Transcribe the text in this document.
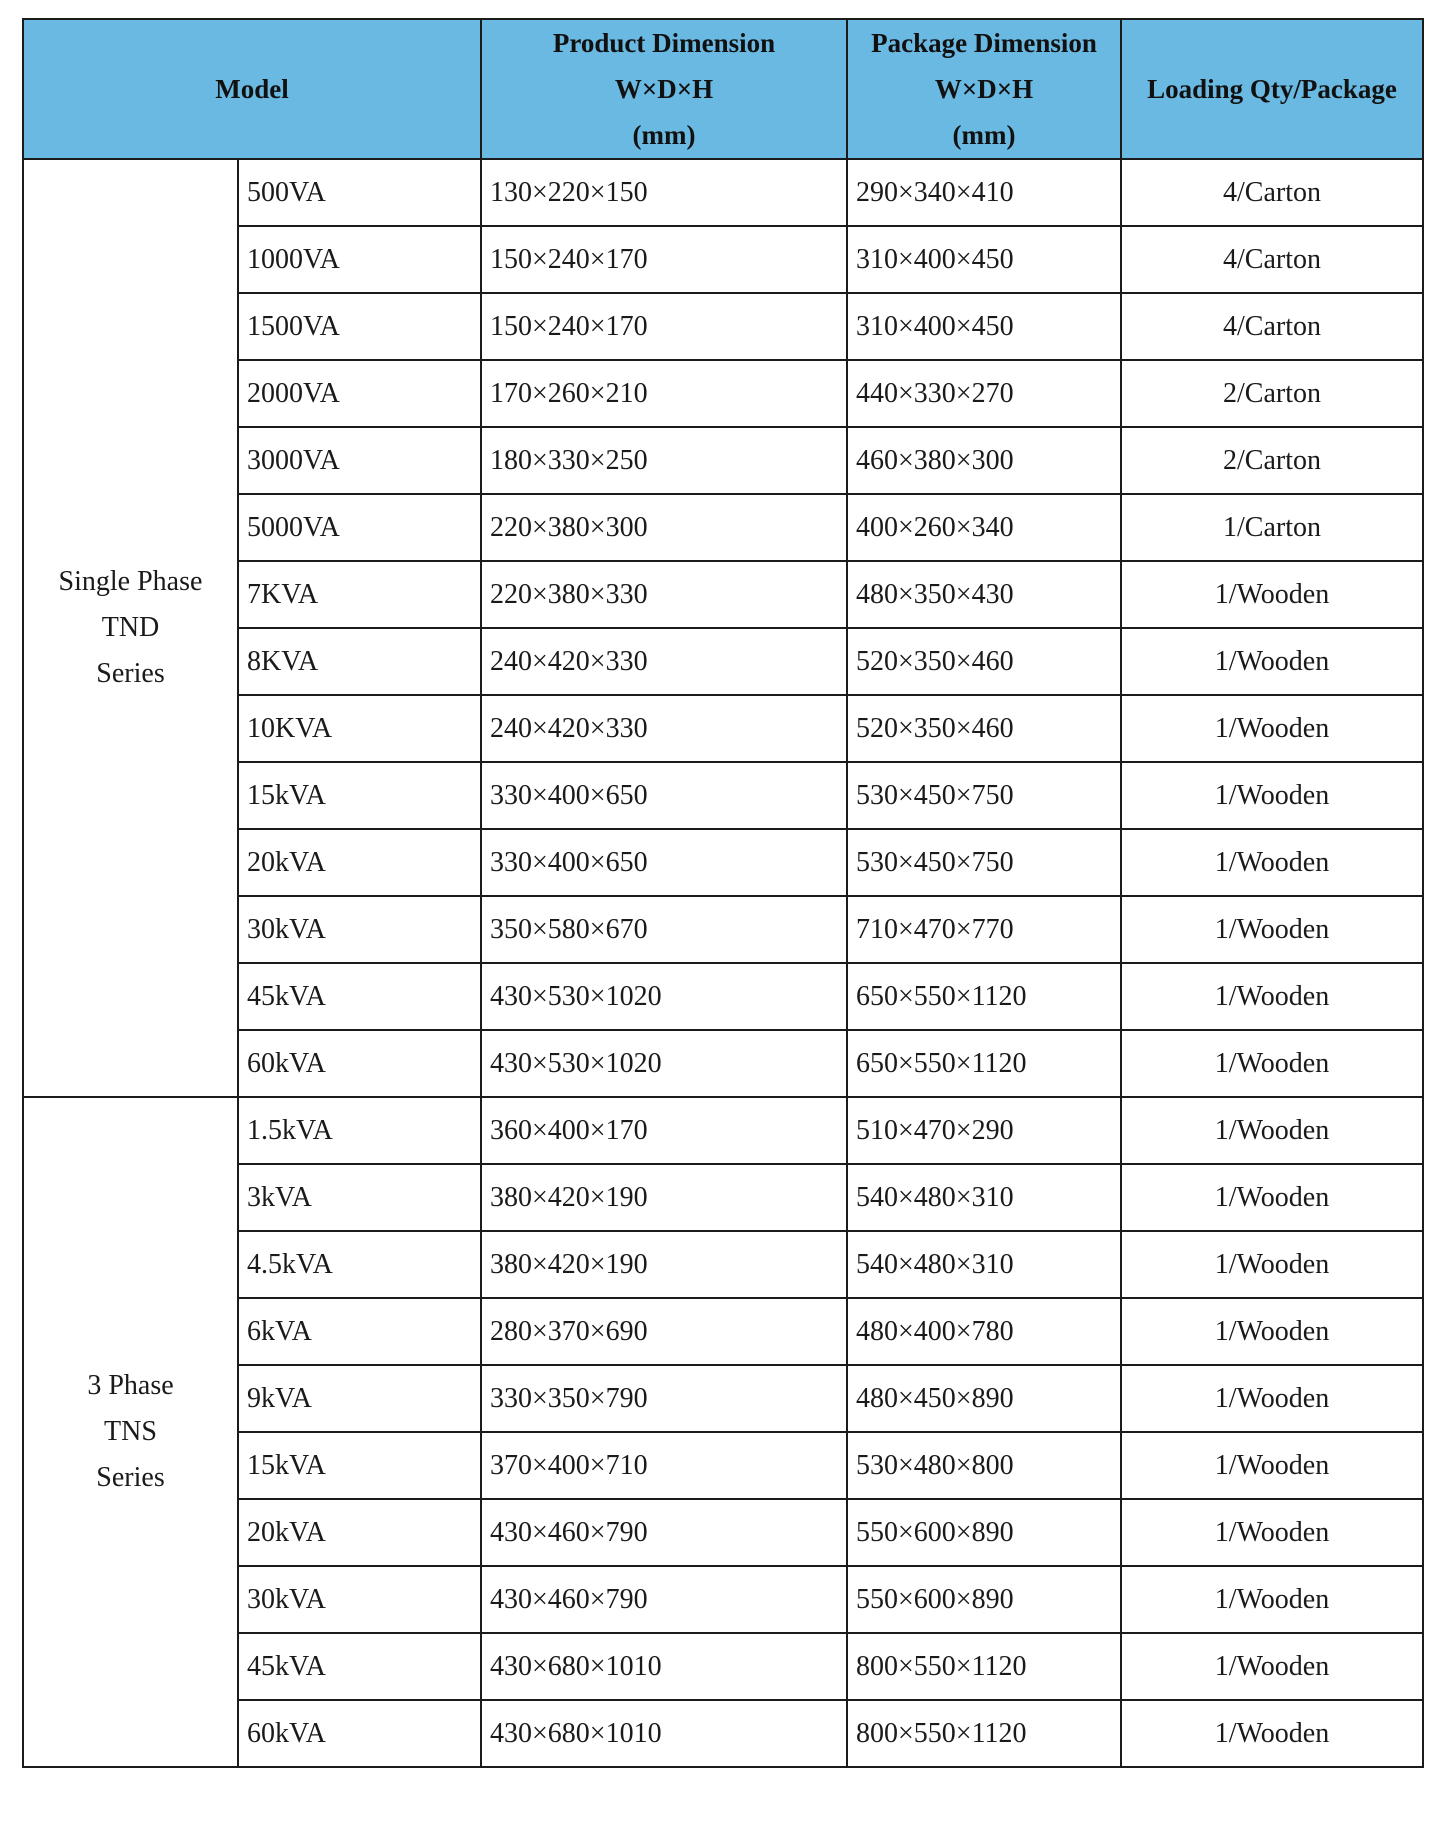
Model		Product Dimension
W×D×H
(mm)	Package Dimension
W×D×H
(mm)	Loading Qty/Package

Single Phase
TND
Series	500VA	130×220×150	290×340×410	4/Carton
	1000VA	150×240×170	310×400×450	4/Carton
	1500VA	150×240×170	310×400×450	4/Carton
	2000VA	170×260×210	440×330×270	2/Carton
	3000VA	180×330×250	460×380×300	2/Carton
	5000VA	220×380×300	400×260×340	1/Carton
	7KVA	220×380×330	480×350×430	1/Wooden
	8KVA	240×420×330	520×350×460	1/Wooden
	10KVA	240×420×330	520×350×460	1/Wooden
	15kVA	330×400×650	530×450×750	1/Wooden
	20kVA	330×400×650	530×450×750	1/Wooden
	30kVA	350×580×670	710×470×770	1/Wooden
	45kVA	430×530×1020	650×550×1120	1/Wooden
	60kVA	430×530×1020	650×550×1120	1/Wooden

3 Phase
TNS
Series	1.5kVA	360×400×170	510×470×290	1/Wooden
	3kVA	380×420×190	540×480×310	1/Wooden
	4.5kVA	380×420×190	540×480×310	1/Wooden
	6kVA	280×370×690	480×400×780	1/Wooden
	9kVA	330×350×790	480×450×890	1/Wooden
	15kVA	370×400×710	530×480×800	1/Wooden
	20kVA	430×460×790	550×600×890	1/Wooden
	30kVA	430×460×790	550×600×890	1/Wooden
	45kVA	430×680×1010	800×550×1120	1/Wooden
	60kVA	430×680×1010	800×550×1120	1/Wooden
